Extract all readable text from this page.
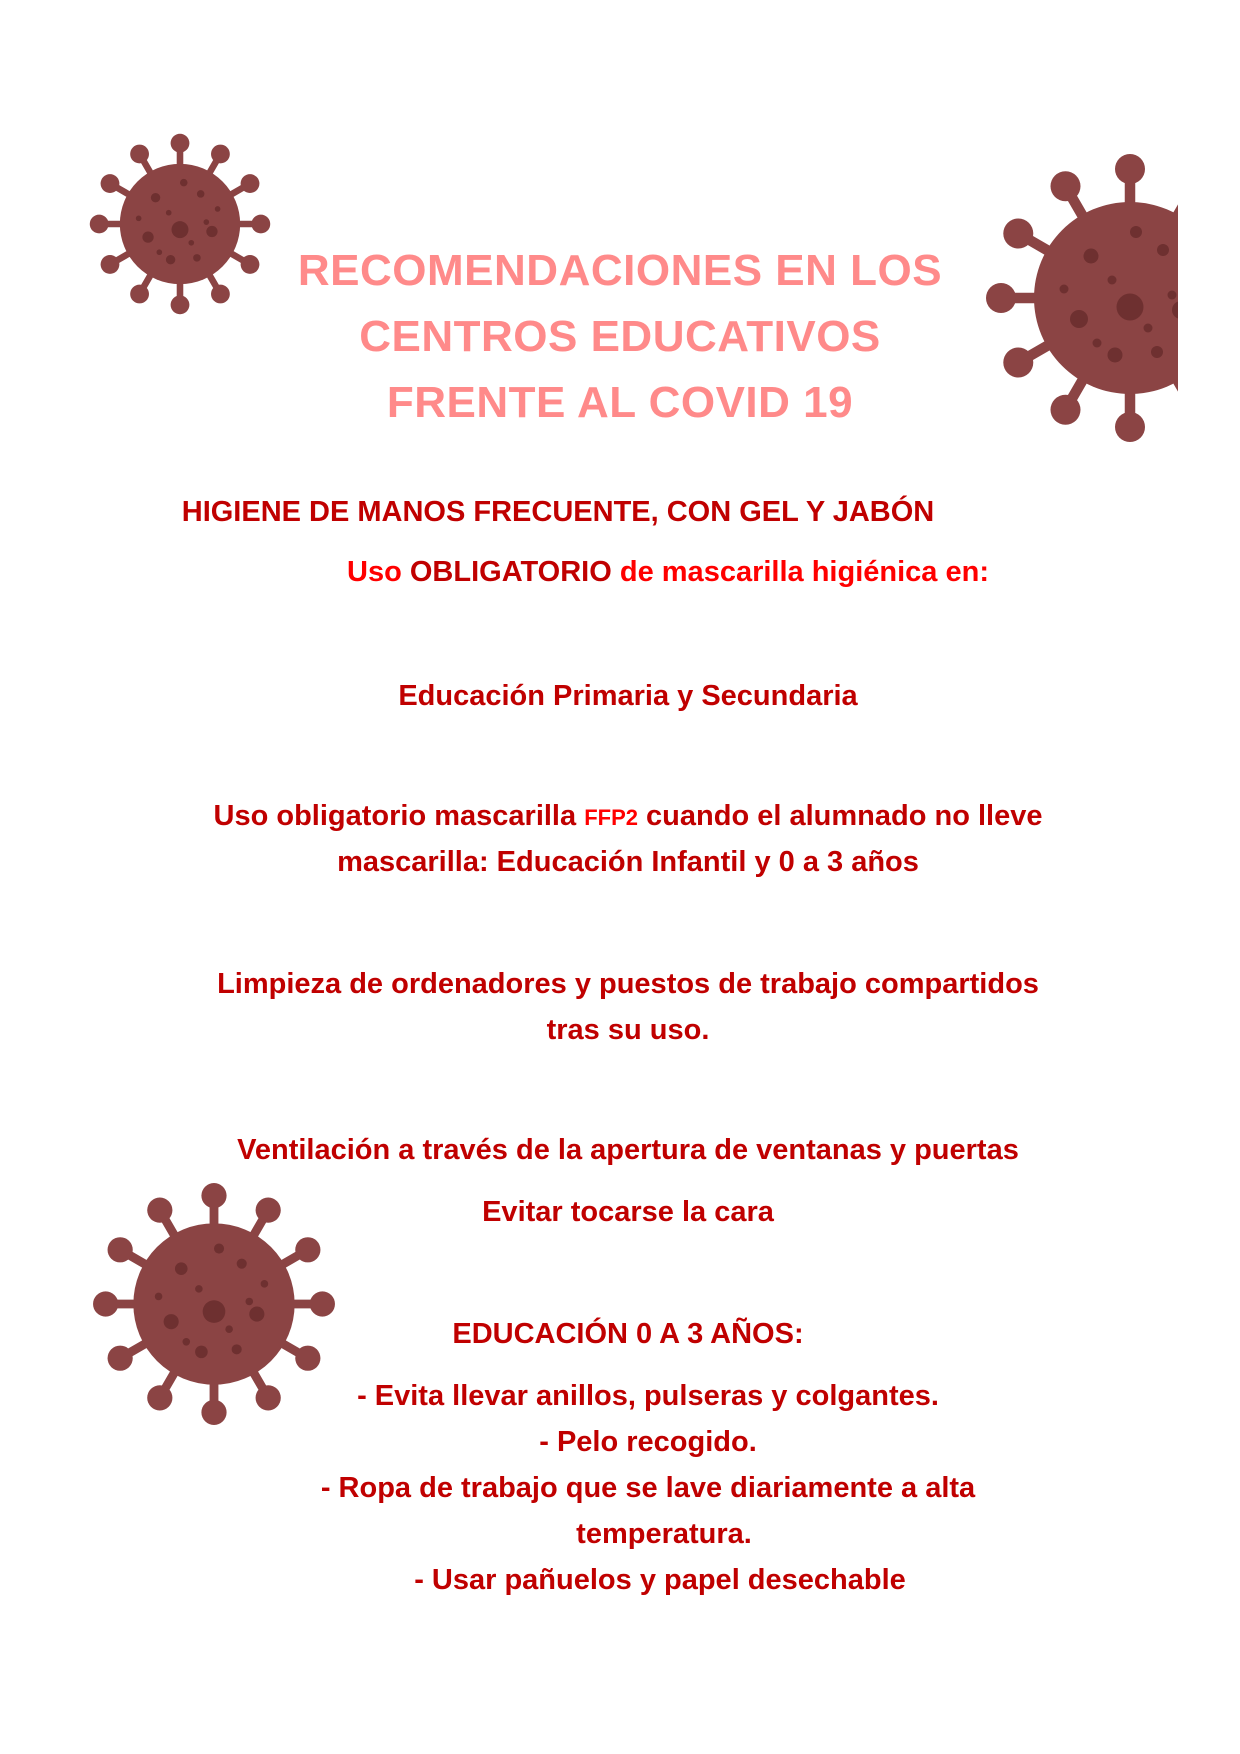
RECOMENDACIONES EN LOS
CENTROS EDUCATIVOS
FRENTE AL COVID 19
HIGIENE DE MANOS FRECUENTE, CON GEL Y JABÓN
Uso OBLIGATORIO de mascarilla higiénica en:
Educación Primaria y Secundaria
Uso obligatorio mascarilla FFP2 cuando el alumnado no lleve
mascarilla: Educación Infantil y 0 a 3 años
Limpieza de ordenadores y puestos de trabajo compartidos
tras su uso.
Ventilación a través de la apertura de ventanas y puertas
Evitar tocarse la cara
EDUCACIÓN 0 A 3 AÑOS:
- Evita llevar anillos, pulseras y colgantes.
- Pelo recogido.
- Ropa de trabajo que se lave diariamente a alta
temperatura.
- Usar pañuelos y papel desechable
